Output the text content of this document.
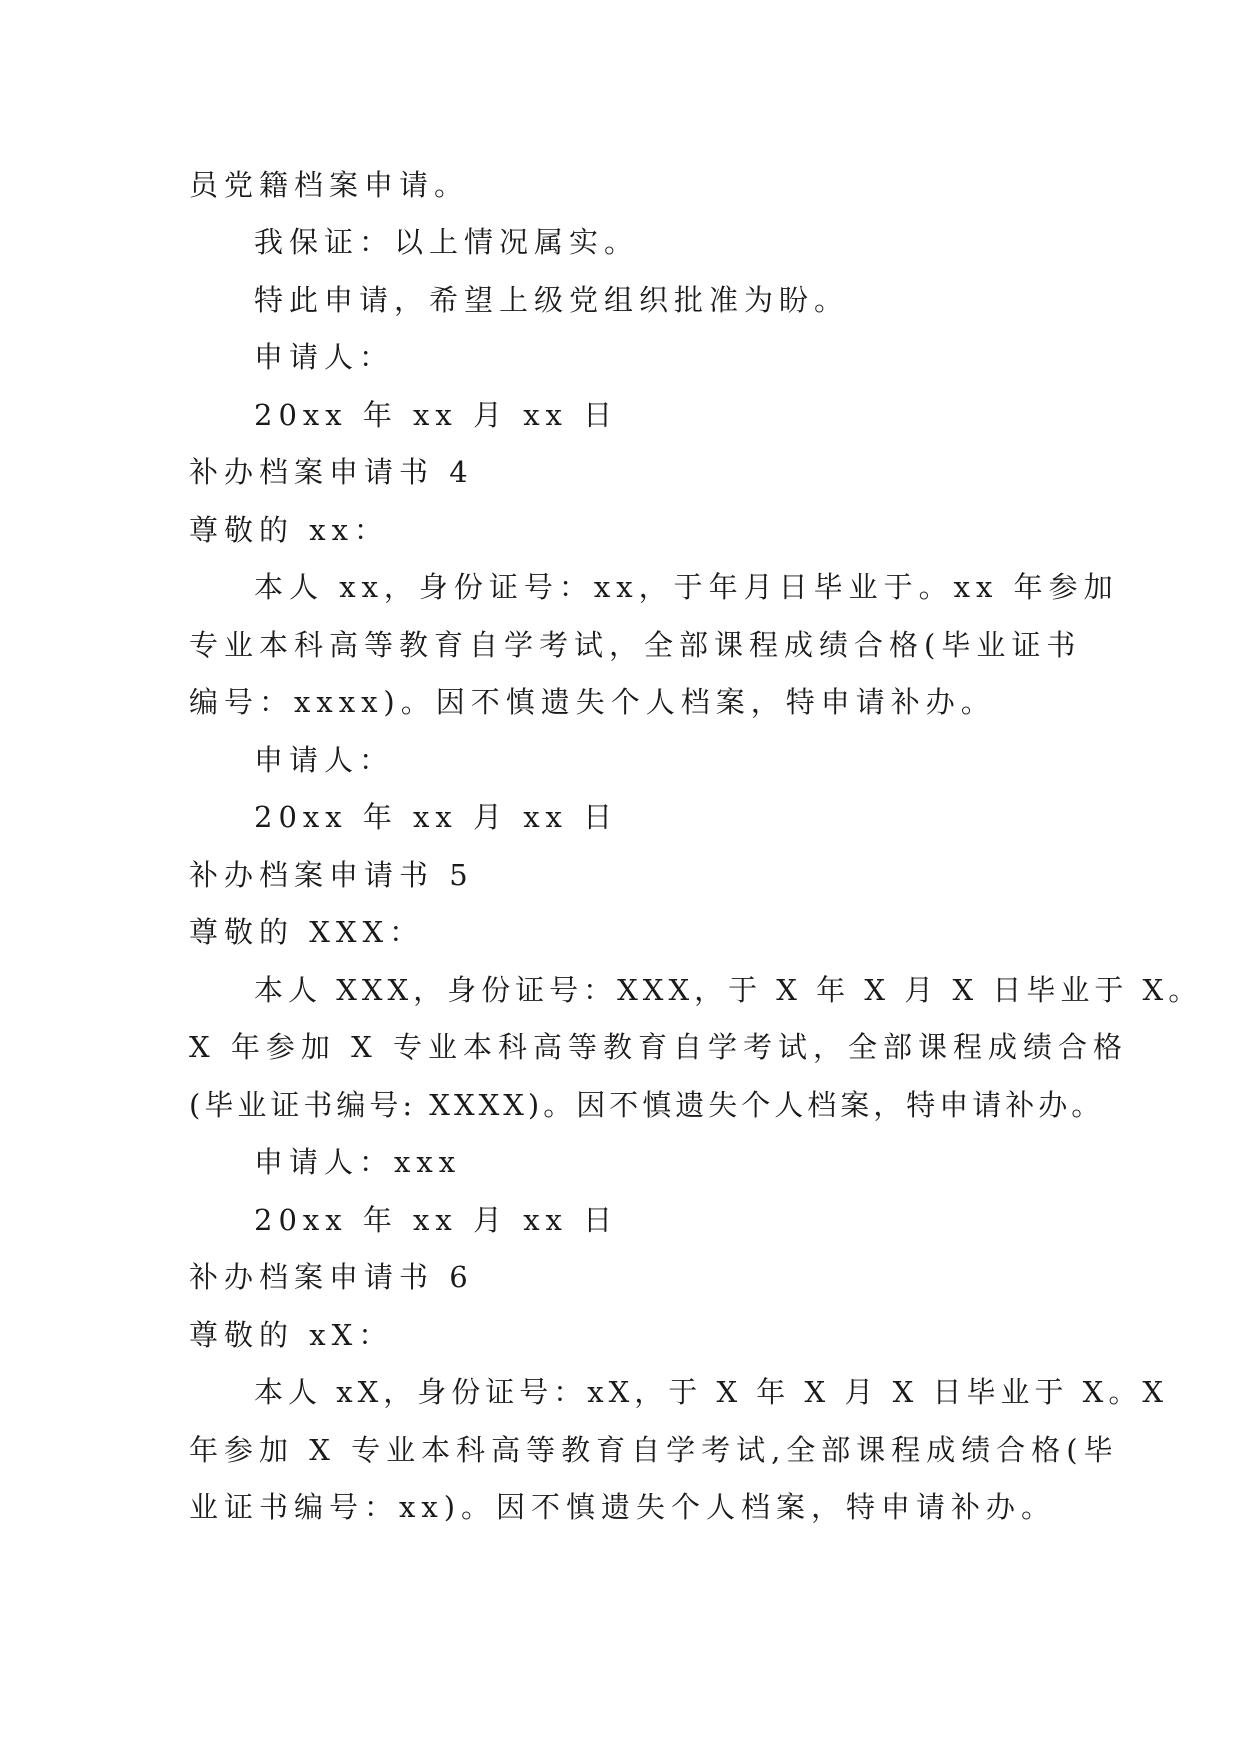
员党籍档案申请。
我保证：以上情况属实。
特此申请，希望上级党组织批准为盼。
申请人：
20xx 年 xx 月 xx 日
补办档案申请书 4
尊敬的 xx：
本人 xx，身份证号：xx，于年月日毕业于。xx 年参加
专业本科高等教育自学考试，全部课程成绩合格(毕业证书
编号：xxxx)。因不慎遗失个人档案，特申请补办。
申请人：
20xx 年 xx 月 xx 日
补办档案申请书 5
尊敬的 XXX：
本人 XXX，身份证号：XXX，于 X 年 X 月 X 日毕业于 X。
X 年参加 X 专业本科高等教育自学考试，全部课程成绩合格
(毕业证书编号: XXXX)。因不慎遗失个人档案，特申请补办。
申请人：xxx
20xx 年 xx 月 xx 日
补办档案申请书 6
尊敬的 xX：
本人 xX，身份证号：xX，于 X 年 X 月 X 日毕业于 X。X
年参加 X 专业本科高等教育自学考试,全部课程成绩合格(毕
业证书编号：xx)。因不慎遗失个人档案，特申请补办。
